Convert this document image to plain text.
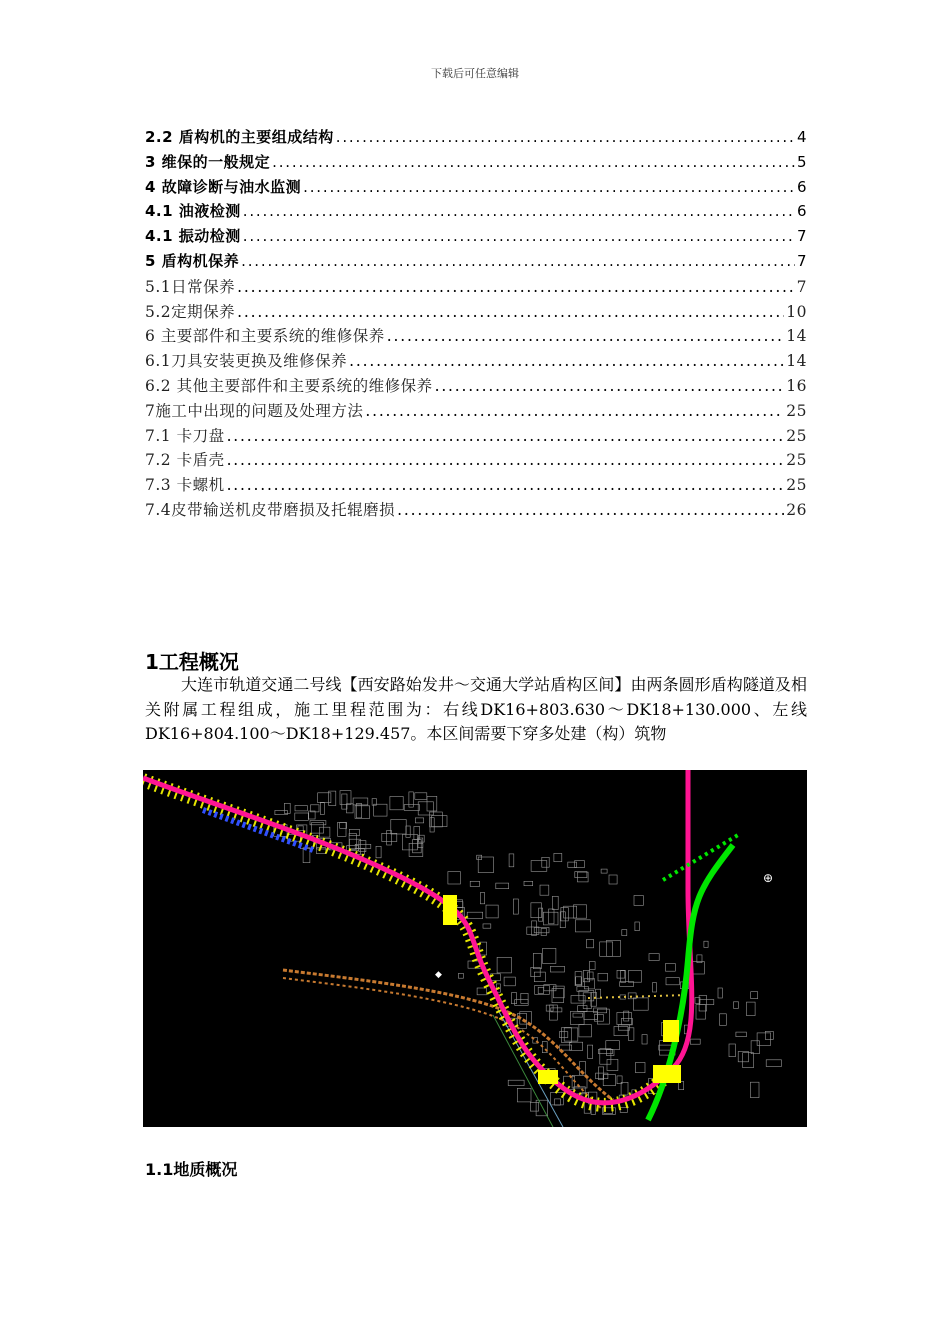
下载后可任意编辑
2.2 盾构机的主要组成结构 .....	4
3 维保的一般规定 .....	5
4 故障诊断与油水监测 .....	6
4.1 油液检测 .....	6
4.1 振动检测 .....	7
5 盾构机保养 .....	7
5.1日常保养 .....	7
5.2定期保养 .....	10
6 主要部件和主要系统的维修保养 .....	14
6.1刀具安装更换及维修保养 .....	14
6.2 其他主要部件和主要系统的维修保养 .....	16
7施工中出现的问题及处理方法 .....	25
7.1 卡刀盘 .....	25
7.2 卡盾壳 .....	25
7.3 卡螺机 .....	25
7.4皮带输送机皮带磨损及托辊磨损 .....	26
1工程概况
大连市轨道交通二号线【西安路始发井～交通大学站盾构区间】由两条圆形盾构隧道及相关附属工程组成，施工里程范围为：右线DK16+803.630～DK18+130.000、左线DK16+804.100～DK18+129.457。本区间需要下穿多处建（构）筑物
⊕
◆
1.1地质概况
